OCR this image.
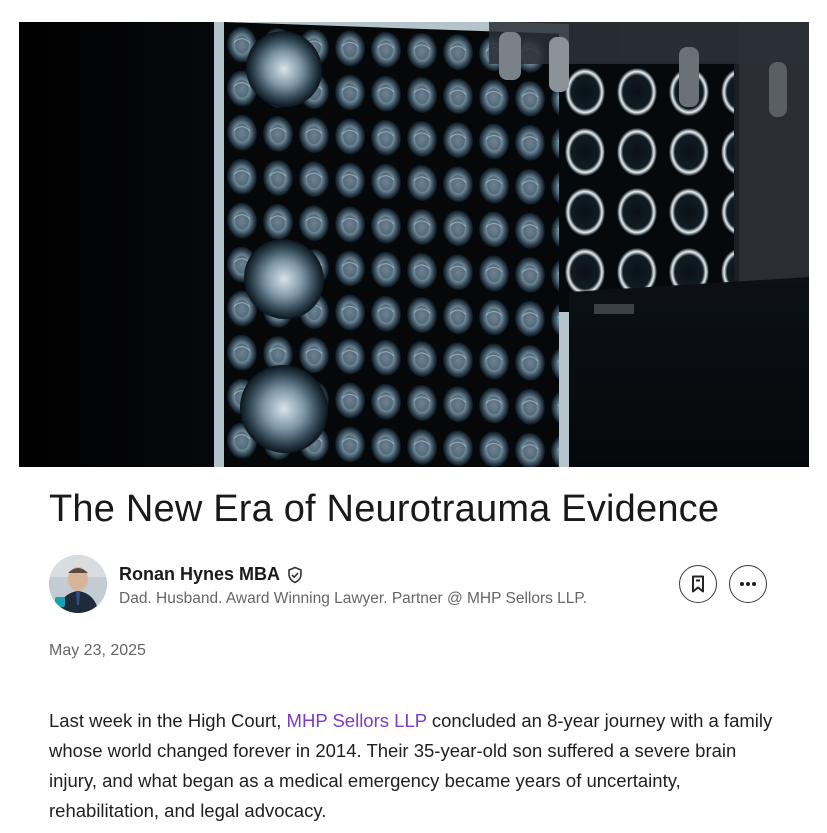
The New Era of Neurotrauma Evidence
Ronan Hynes MBA
Dad. Husband. Award Winning Lawyer. Partner @ MHP Sellors LLP.
May 23, 2025

Last week in the High Court, MHP Sellors LLP concluded an 8-year journey with a family whose world changed forever in 2014. Their 35-year-old son suffered a severe brain injury, and what began as a medical emergency became years of uncertainty, rehabilitation, and legal advocacy.
